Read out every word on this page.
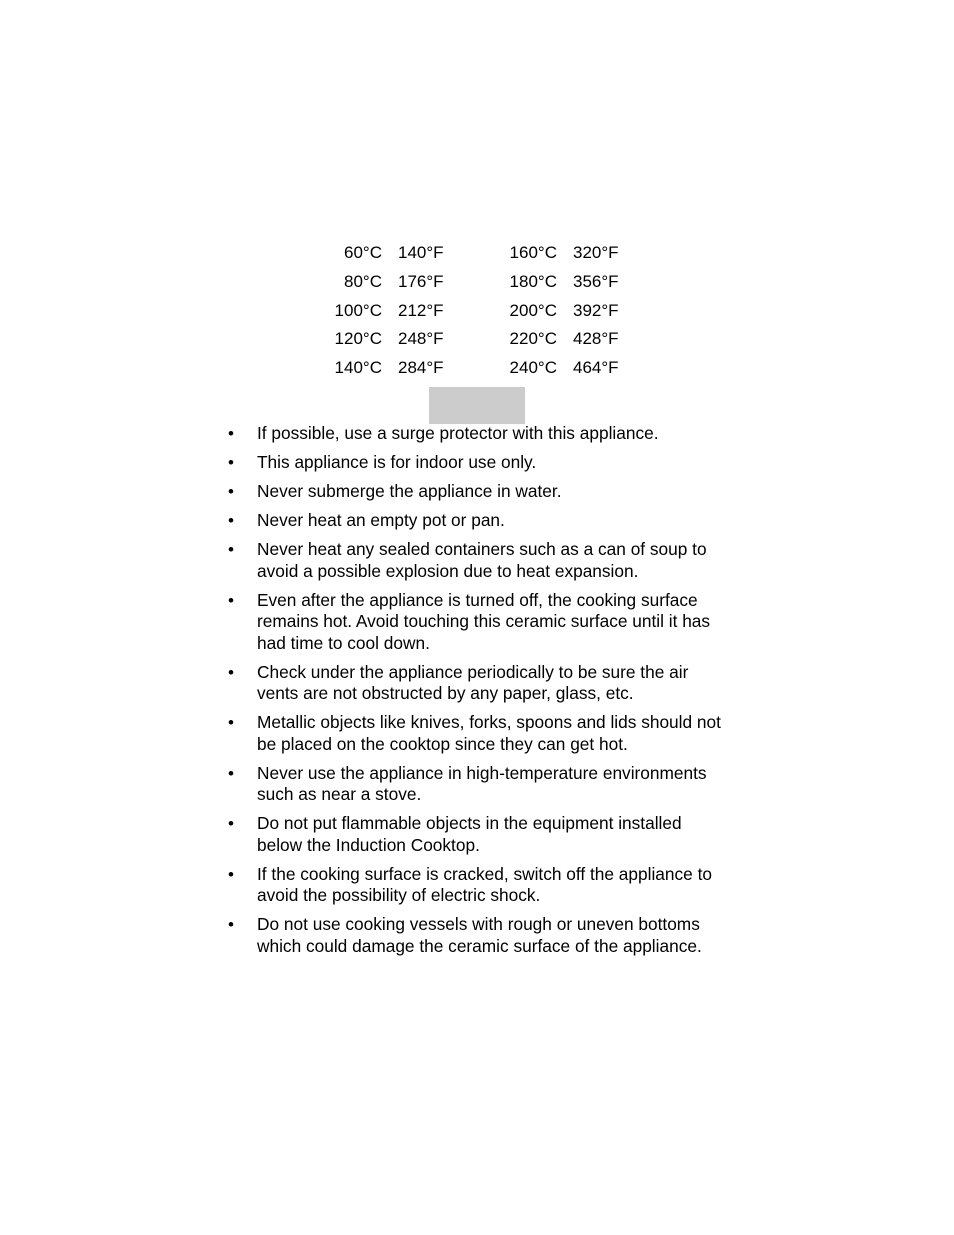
60°C 140°F	160°C 320°F
80°C 176°F	180°C 356°F
100°C 212°F	200°C 392°F
120°C 248°F	220°C 428°F
140°C 284°F	240°C 464°F
• If possible, use a surge protector with this appliance.
• This appliance is for indoor use only.
• Never submerge the appliance in water.
• Never heat an empty pot or pan.
• Never heat any sealed containers such as a can of soup to avoid a possible explosion due to heat expansion.
• Even after the appliance is turned off, the cooking surface remains hot. Avoid touching this ceramic surface until it has had time to cool down.
• Check under the appliance periodically to be sure the air vents are not obstructed by any paper, glass, etc.
• Metallic objects like knives, forks, spoons and lids should not be placed on the cooktop since they can get hot.
• Never use the appliance in high-temperature environments such as near a stove.
• Do not put flammable objects in the equipment installed below the Induction Cooktop.
• If the cooking surface is cracked, switch off the appliance to avoid the possibility of electric shock.
• Do not use cooking vessels with rough or uneven bottoms which could damage the ceramic surface of the appliance.
